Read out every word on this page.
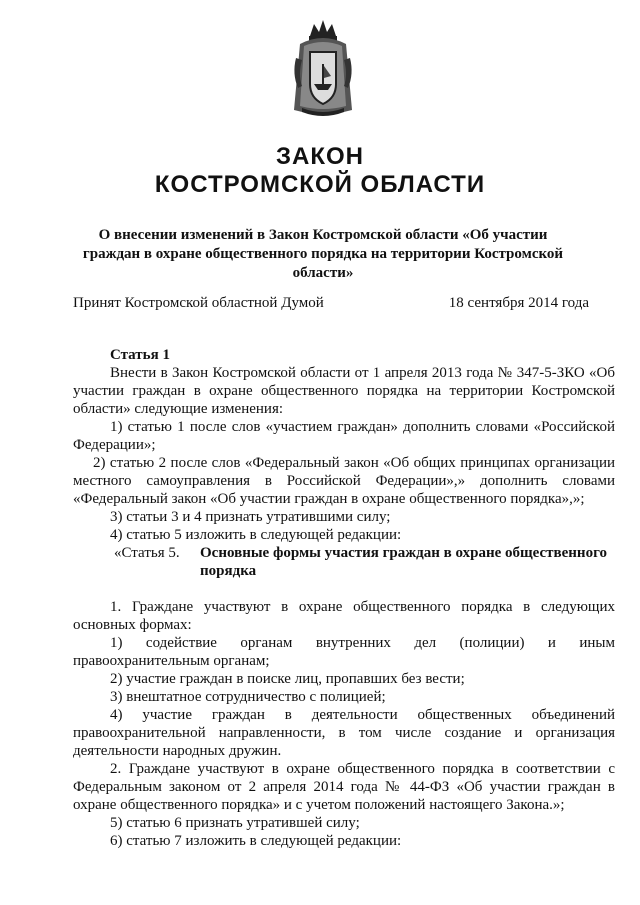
ЗАКОН
КОСТРОМСКОЙ ОБЛАСТИ

О внесении изменений в Закон Костромской области «Об участии граждан в охране общественного порядка на территории Костромской области»

Принят Костромской областной Думой	18 сентября 2014 года

Статья 1

Внести в Закон Костромской области от 1 апреля 2013 года № 347-5-ЗКО «Об участии граждан в охране общественного порядка на территории Костромской области» следующие изменения:

1) статью 1 после слов «участием граждан» дополнить словами «Российской Федерации»;

2) статью 2 после слов «Федеральный закон «Об общих принципах организации местного самоуправления в Российской Федерации»,» дополнить словами «Федеральный закон «Об участии граждан в охране общественного порядка»,»;

3) статьи 3 и 4 признать утратившими силу;

4) статью 5 изложить в следующей редакции:

«Статья 5.	Основные формы участия граждан в охране общественного порядка

1. Граждане участвуют в охране общественного порядка в следующих основных формах:

1) содействие органам внутренних дел (полиции) и иным правоохранительным органам;

2) участие граждан в поиске лиц, пропавших без вести;

3) внештатное сотрудничество с полицией;

4) участие граждан в деятельности общественных объединений правоохранительной направленности, в том числе создание и организация деятельности народных дружин.

2. Граждане участвуют в охране общественного порядка в соответствии с Федеральным законом от 2 апреля 2014 года № 44-ФЗ «Об участии граждан в охране общественного порядка» и с учетом положений настоящего Закона.»;

5) статью 6 признать утратившей силу;

6) статью 7 изложить в следующей редакции:
